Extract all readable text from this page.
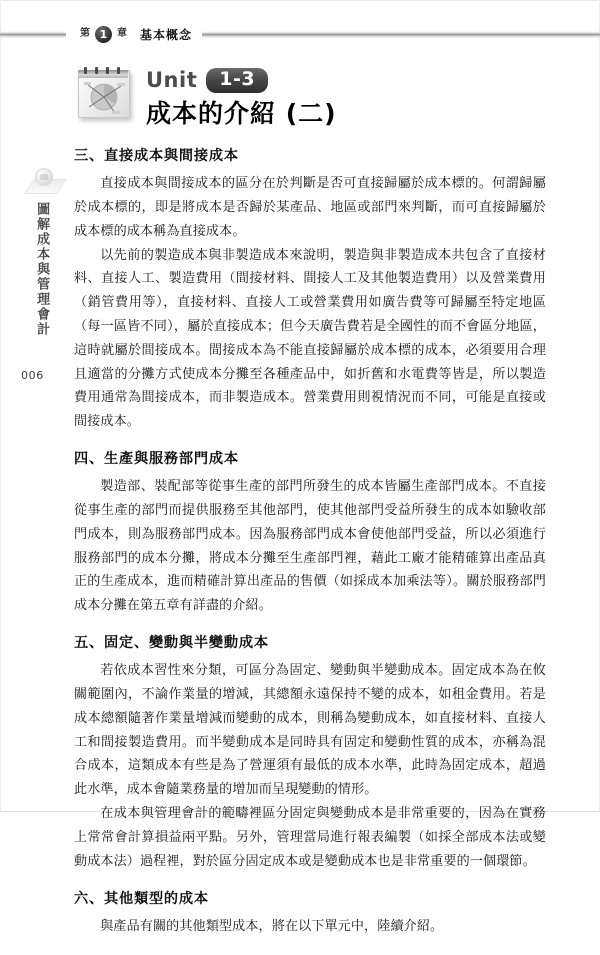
第 1 章 基本概念
Unit	1-3
成本的介紹 (二)
圖解成本與管理會計
006
三、直接成本與間接成本

直接成本與間接成本的區分在於判斷是否可直接歸屬於成本標的。何謂歸屬於成本標的，即是將成本是否歸於某產品、地區或部門來判斷，而可直接歸屬於成本標的成本稱為直接成本。

以先前的製造成本與非製造成本來說明，製造與非製造成本共包含了直接材料、直接人工、製造費用（間接材料、間接人工及其他製造費用）以及營業費用（銷管費用等），直接材料、直接人工或營業費用如廣告費等可歸屬至特定地區（每一區皆不同），屬於直接成本；但今天廣告費若是全國性的而不會區分地區，這時就屬於間接成本。間接成本為不能直接歸屬於成本標的成本，必須要用合理且適當的分攤方式使成本分攤至各種產品中，如折舊和水電費等皆是，所以製造費用通常為間接成本，而非製造成本。營業費用則視情況而不同，可能是直接或間接成本。

四、生產與服務部門成本

製造部、裝配部等從事生產的部門所發生的成本皆屬生產部門成本。不直接從事生產的部門而提供服務至其他部門，使其他部門受益所發生的成本如驗收部門成本，則為服務部門成本。因為服務部門成本會使他部門受益，所以必須進行服務部門的成本分攤，將成本分攤至生產部門裡，藉此工廠才能精確算出產品真正的生產成本，進而精確計算出產品的售價（如採成本加乘法等）。關於服務部門成本分攤在第五章有詳盡的介紹。

五、固定、變動與半變動成本

若依成本習性來分類，可區分為固定、變動與半變動成本。固定成本為在攸關範圍內，不論作業量的增減，其總額永遠保持不變的成本，如租金費用。若是成本總額隨著作業量增減而變動的成本，則稱為變動成本，如直接材料、直接人工和間接製造費用。而半變動成本是同時具有固定和變動性質的成本，亦稱為混合成本，這類成本有些是為了營運須有最低的成本水準，此時為固定成本，超過此水準，成本會隨業務量的增加而呈現變動的情形。

在成本與管理會計的範疇裡區分固定與變動成本是非常重要的，因為在實務上常常會計算損益兩平點。另外，管理當局進行報表編製（如採全部成本法或變動成本法）過程裡，對於區分固定成本或是變動成本也是非常重要的一個環節。

六、其他類型的成本

與產品有關的其他類型成本，將在以下單元中，陸續介紹。
